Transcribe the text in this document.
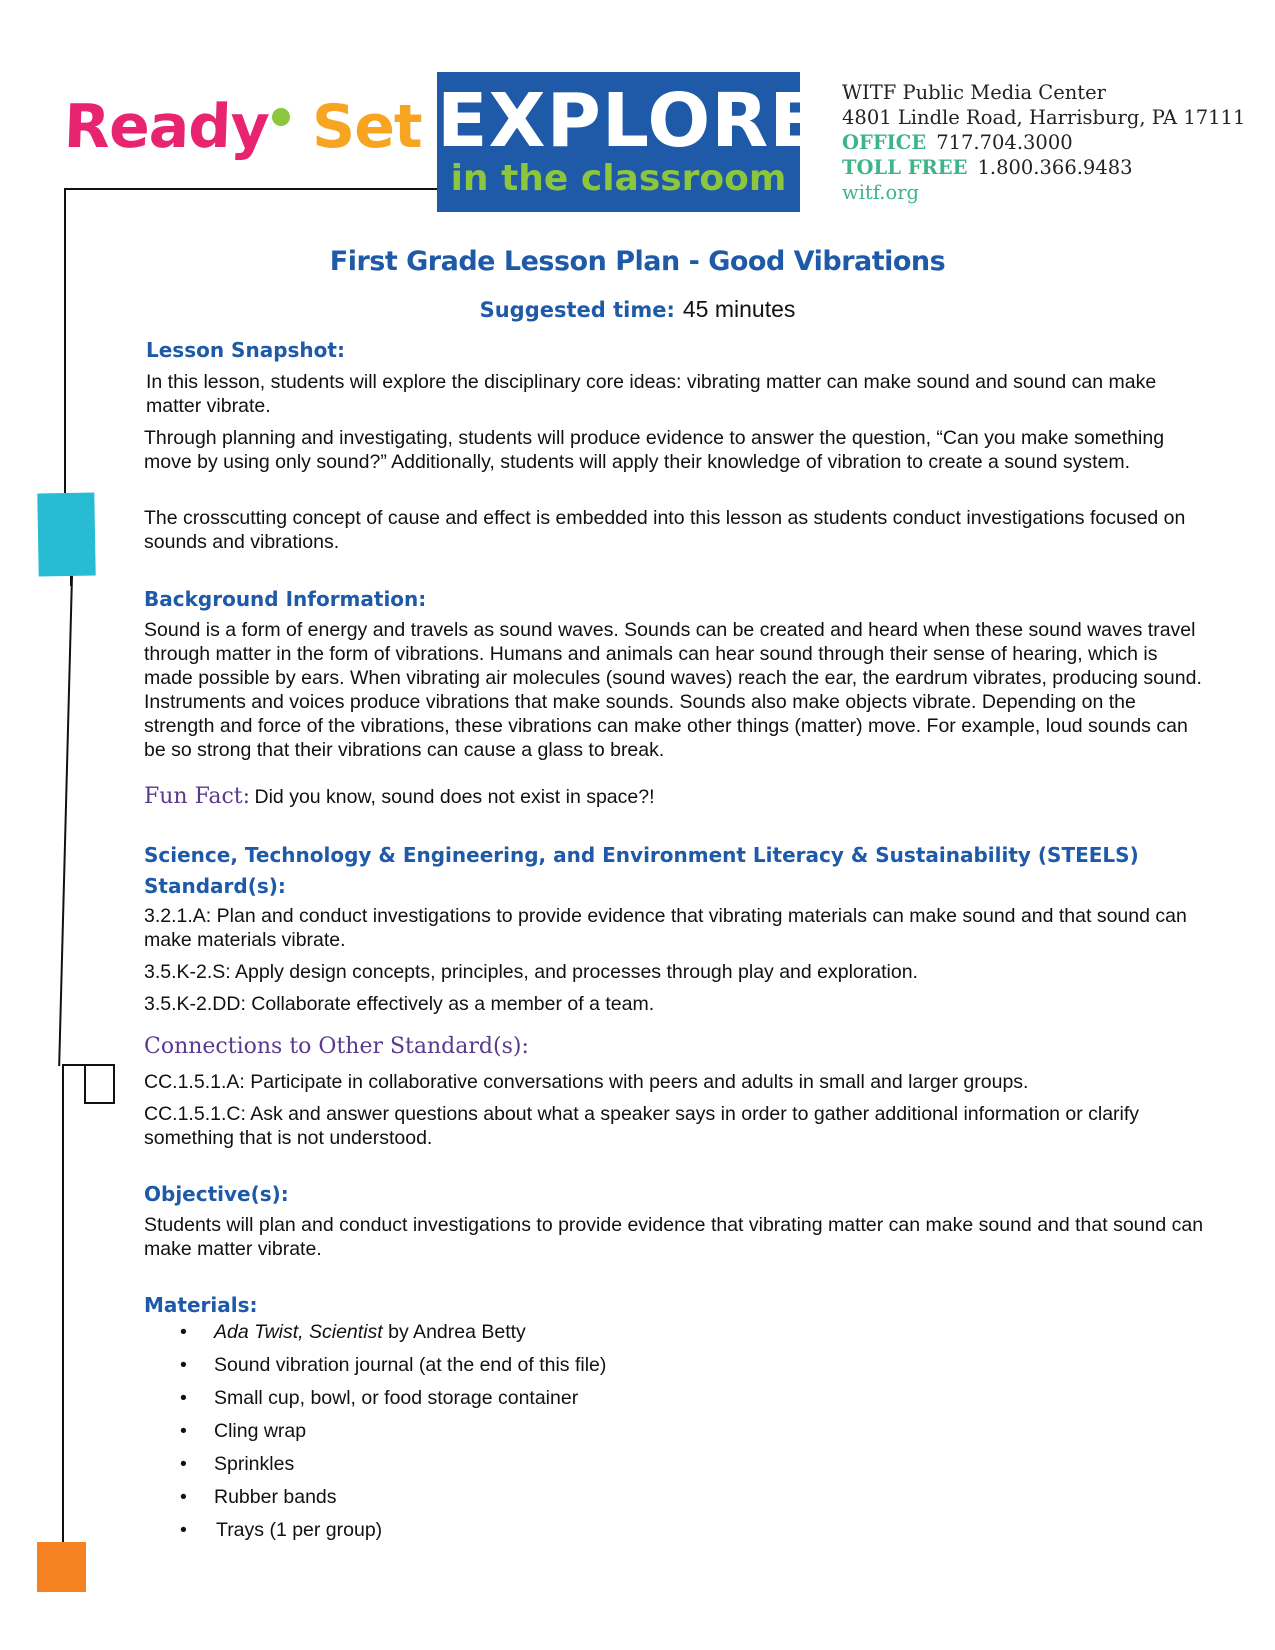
Ready Set EXPLORE
in the classroom
WITF Public Media Center
4801 Lindle Road, Harrisburg, PA 17111
OFFICE 717.704.3000
TOLL FREE 1.800.366.9483
witf.org
First Grade Lesson Plan - Good Vibrations
Suggested time: 45 minutes
Lesson Snapshot:
In this lesson, students will explore the disciplinary core ideas: vibrating matter can make sound and sound can make matter vibrate.
Through planning and investigating, students will produce evidence to answer the question, “Can you make something move by using only sound?” Additionally, students will apply their knowledge of vibration to create a sound system.
The crosscutting concept of cause and effect is embedded into this lesson as students conduct investigations focused on sounds and vibrations.
Background Information:
Sound is a form of energy and travels as sound waves. Sounds can be created and heard when these sound waves travel through matter in the form of vibrations. Humans and animals can hear sound through their sense of hearing, which is made possible by ears. When vibrating air molecules (sound waves) reach the ear, the eardrum vibrates, producing sound. Instruments and voices produce vibrations that make sounds. Sounds also make objects vibrate. Depending on the strength and force of the vibrations, these vibrations can make other things (matter) move. For example, loud sounds can be so strong that their vibrations can cause a glass to break.
Fun Fact: Did you know, sound does not exist in space?!
Science, Technology & Engineering, and Environment Literacy & Sustainability (STEELS)
Standard(s):
3.2.1.A: Plan and conduct investigations to provide evidence that vibrating materials can make sound and that sound can make materials vibrate.
3.5.K-2.S: Apply design concepts, principles, and processes through play and exploration.
3.5.K-2.DD: Collaborate effectively as a member of a team.
Connections to Other Standard(s):
CC.1.5.1.A: Participate in collaborative conversations with peers and adults in small and larger groups.
CC.1.5.1.C: Ask and answer questions about what a speaker says in order to gather additional information or clarify something that is not understood.
Objective(s):
Students will plan and conduct investigations to provide evidence that vibrating matter can make sound and that sound can make matter vibrate.
Materials:
•	Ada Twist, Scientist by Andrea Betty
•	Sound vibration journal (at the end of this file)
•	Small cup, bowl, or food storage container
•	Cling wrap
•	Sprinkles
•	Rubber bands
•	Trays (1 per group)
